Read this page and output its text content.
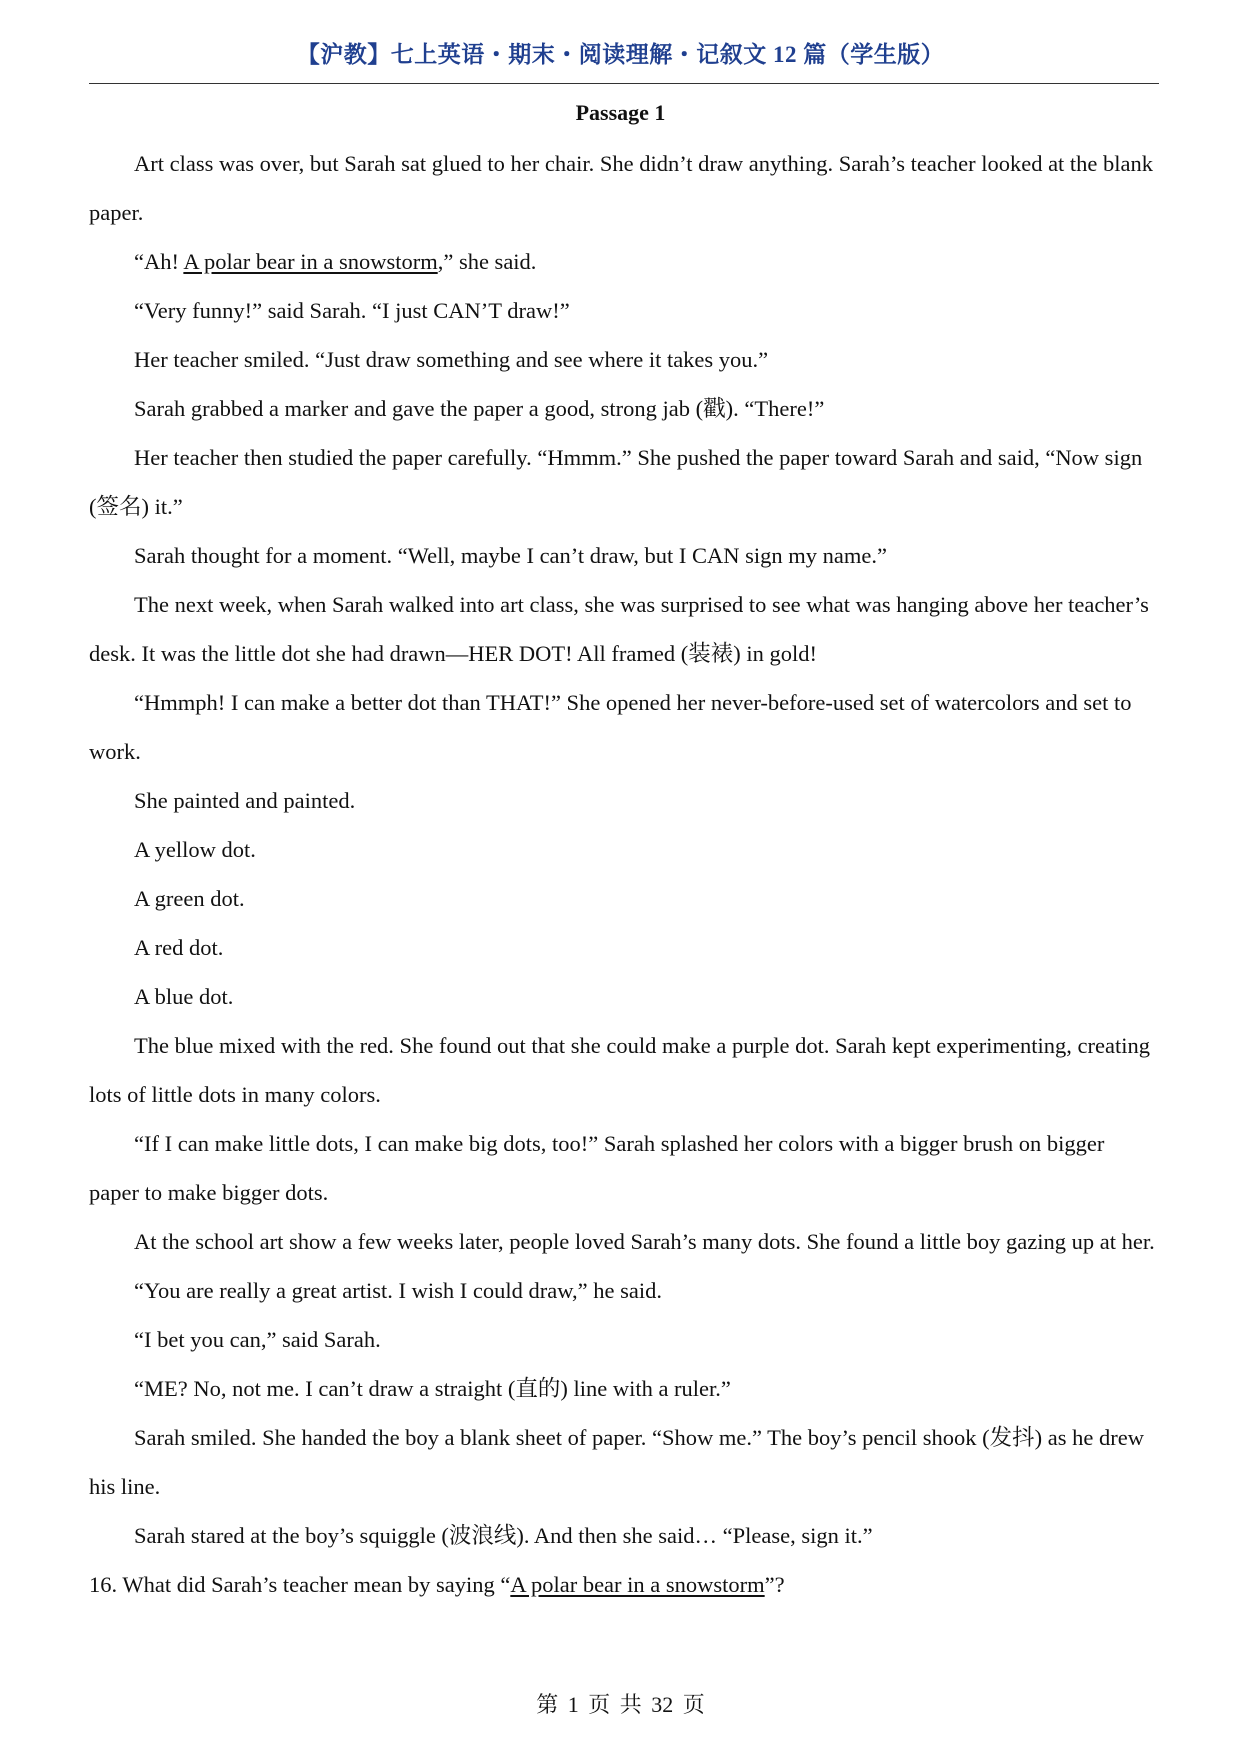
【沪教】七上英语・期末・阅读理解・记叙文 12 篇（学生版）
Passage 1

Art class was over, but Sarah sat glued to her chair. She didn’t draw anything. Sarah’s teacher looked at the blank paper.

“Ah! A polar bear in a snowstorm,” she said.

“Very funny!” said Sarah. “I just CAN’T draw!”

Her teacher smiled. “Just draw something and see where it takes you.”

Sarah grabbed a marker and gave the paper a good, strong jab (戳). “There!”

Her teacher then studied the paper carefully. “Hmmm.” She pushed the paper toward Sarah and said, “Now sign (签名) it.”

Sarah thought for a moment. “Well, maybe I can’t draw, but I CAN sign my name.”

The next week, when Sarah walked into art class, she was surprised to see what was hanging above her teacher’s desk. It was the little dot she had drawn—HER DOT! All framed (装裱) in gold!

“Hmmph! I can make a better dot than THAT!” She opened her never-before-used set of watercolors and set to work.

She painted and painted.

A yellow dot.

A green dot.

A red dot.

A blue dot.

The blue mixed with the red. She found out that she could make a purple dot. Sarah kept experimenting, creating lots of little dots in many colors.

“If I can make little dots, I can make big dots, too!” Sarah splashed her colors with a bigger brush on bigger paper to make bigger dots.

At the school art show a few weeks later, people loved Sarah’s many dots. She found a little boy gazing up at her.

“You are really a great artist. I wish I could draw,” he said.

“I bet you can,” said Sarah.

“ME? No, not me. I can’t draw a straight (直的) line with a ruler.”

Sarah smiled. She handed the boy a blank sheet of paper. “Show me.” The boy’s pencil shook (发抖) as he drew his line.

Sarah stared at the boy’s squiggle (波浪线). And then she said… “Please, sign it.”

16. What did Sarah’s teacher mean by saying “A polar bear in a snowstorm”?

第 1 页 共 32 页
